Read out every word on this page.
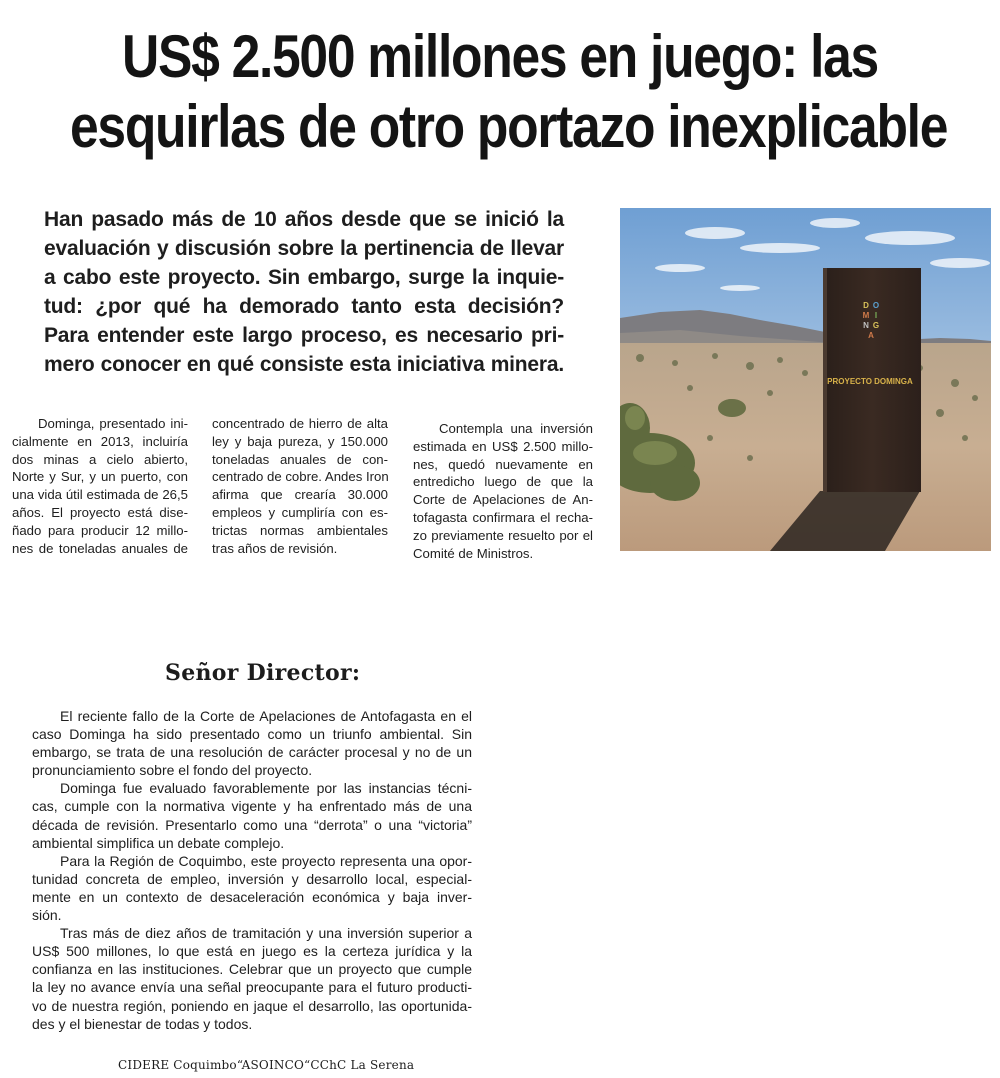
US$ 2.500 millones en juego: las
esquirlas de otro portazo inexplicable
Han pasado más de 10 años desde que se inició la
evaluación y discusión sobre la pertinencia de llevar
a cabo este proyecto. Sin embargo, surge la inquie-
tud: ¿por qué ha demorado tanto esta decisión?
Para entender este largo proceso, es necesario pri-
mero conocer en qué consiste esta iniciativa minera.
Dominga, presentado ini-
cialmente en 2013, incluiría
dos minas a cielo abierto,
Norte y Sur, y un puerto, con
una vida útil estimada de 26,5
años. El proyecto está dise-
ñado para producir 12 millo-
nes de toneladas anuales de
concentrado de hierro de alta
ley y baja pureza, y 150.000
toneladas anuales de con-
centrado de cobre. Andes Iron
afirma que crearía 30.000
empleos y cumpliría con es-
trictas normas ambientales
tras años de revisión.
Contempla una inversión
estimada en US$ 2.500 millo-
nes, quedó nuevamente en
entredicho luego de que la
Corte de Apelaciones de An-
tofagasta confirmara el recha-
zo previamente resuelto por el
Comité de Ministros.
D O
M I
N G
A
PROYECTO DOMINGA
Señor Director:
El reciente fallo de la Corte de Apelaciones de Antofagasta en el
caso Dominga ha sido presentado como un triunfo ambiental. Sin
embargo, se trata de una resolución de carácter procesal y no de un
pronunciamiento sobre el fondo del proyecto.
Dominga fue evaluado favorablemente por las instancias técni-
cas, cumple con la normativa vigente y ha enfrentado más de una
década de revisión. Presentarlo como una “derrota” o una “victoria”
ambiental simplifica un debate complejo.
Para la Región de Coquimbo, este proyecto representa una opor-
tunidad concreta de empleo, inversión y desarrollo local, especial-
mente en un contexto de desaceleración económica y baja inver-
sión.
Tras más de diez años de tramitación y una inversión superior a
US$ 500 millones, lo que está en juego es la certeza jurídica y la
confianza en las instituciones. Celebrar que un proyecto que cumple
la ley no avance envía una señal preocupante para el futuro producti-
vo de nuestra región, poniendo en jaque el desarrollo, las oportunida-
des y el bienestar de todas y todos.
CIDERE Coquimbo“ASOINCO“CChC La Serena
